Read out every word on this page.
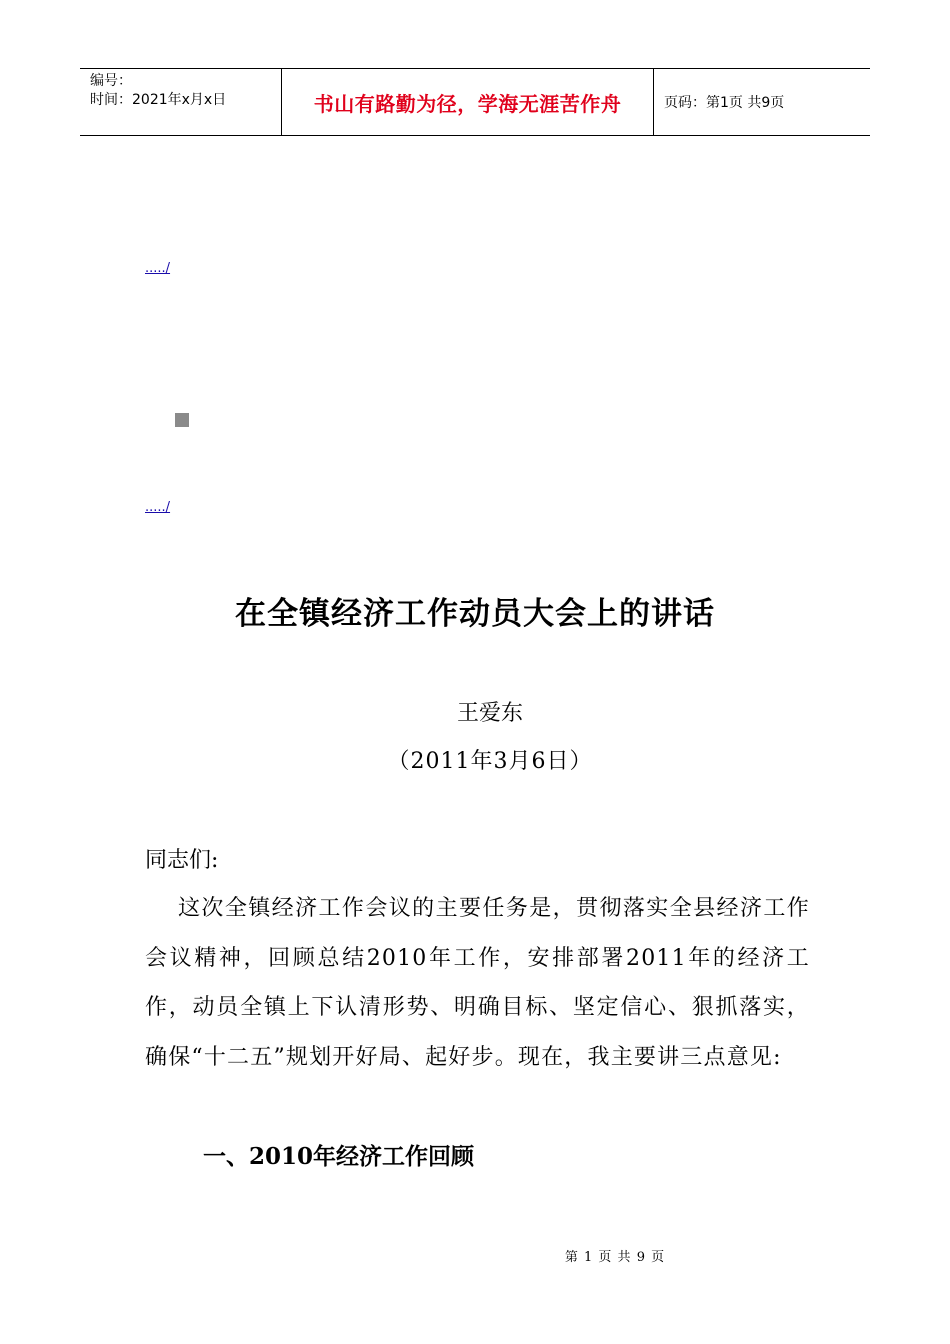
编号：
时间：2021年x月x日	书山有路勤为径，学海无涯苦作舟	页码：第1页 共9页
...../
...../
在全镇经济工作动员大会上的讲话
王爱东
（2011年3月6日）
同志们:

这次全镇经济工作会议的主要任务是，贯彻落实全县经济工作会议精神，回顾总结2010年工作，安排部署2011年的经济工作，动员全镇上下认清形势、明确目标、坚定信心、狠抓落实，确保“十二五”规划开好局、起好步。现在，我主要讲三点意见:

一、2010年经济工作回顾
第 1 页 共 9 页
